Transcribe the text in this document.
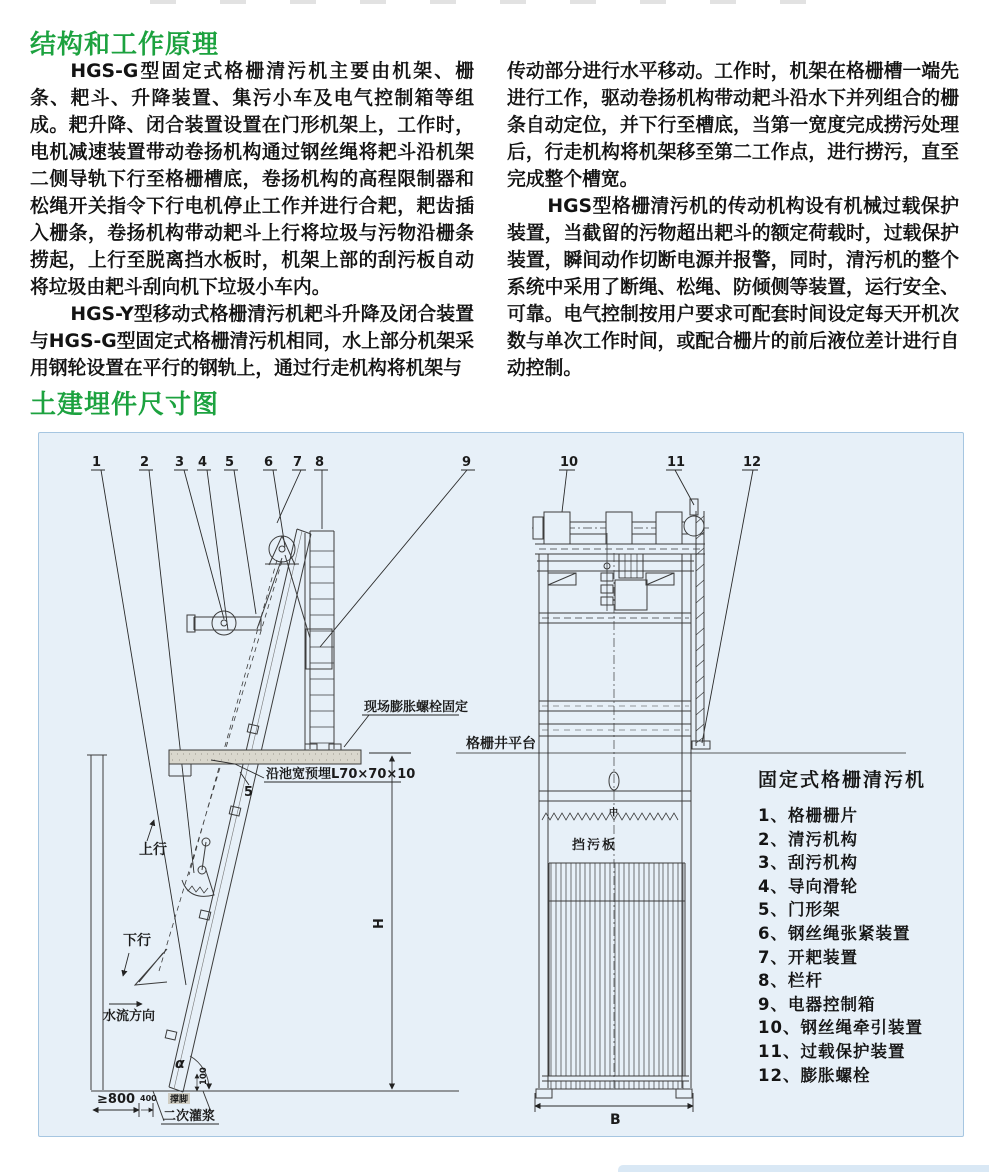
结构和工作原理

HGS-G型固定式格栅清污机主要由机架、栅条、耙斗、升降装置、集污小车及电气控制箱等组成。耙升降、闭合装置设置在门形机架上，工作时，电机减速装置带动卷扬机构通过钢丝绳将耙斗沿机架二侧导轨下行至格栅槽底，卷扬机构的高程限制器和松绳开关指令下行电机停止工作并进行合耙，耙齿插入栅条，卷扬机构带动耙斗上行将垃圾与污物沿栅条捞起，上行至脱离挡水板时，机架上部的刮污板自动将垃圾由耙斗刮向机下垃圾小车内。

HGS-Y型移动式格栅清污机耙斗升降及闭合装置与HGS-G型固定式格栅清污机相同，水上部分机架采用钢轮设置在平行的钢轨上，通过行走机构将机架与

传动部分进行水平移动。工作时，机架在格栅槽一端先进行工作，驱动卷扬机构带动耙斗沿水下并列组合的栅条自动定位，并下行至槽底，当第一宽度完成捞污处理后，行走机构将机架移至第二工作点，进行捞污，直至完成整个槽宽。

HGS型格栅清污机的传动机构设有机械过载保护装置，当截留的污物超出耙斗的额定荷载时，过载保护装置，瞬间动作切断电源并报警，同时，清污机的整个系统中采用了断绳、松绳、防倾侧等装置，运行安全、可靠。电气控制按用户要求可配套时间设定每天开机次数与单次工作时间，或配合栅片的前后液位差计进行自动控制。

土建埋件尺寸图
1	2 3 4 5 6 7 8	9	10	11	12
现场膨胀螺栓固定
沿池宽预埋L70×70×10
5
上行
下行
水流方向
α
撑脚
二次灌浆
≥800 400
100
H
B
格栅井平台
挡污板
中
固定式格栅清污机
1、格栅栅片
2、清污机构
3、刮污机构
4、导向滑轮
5、门形架
6、钢丝绳张紧装置
7、开耙装置
8、栏杆
9、电器控制箱
10、钢丝绳牵引装置
11、过载保护装置
12、膨胀螺栓
